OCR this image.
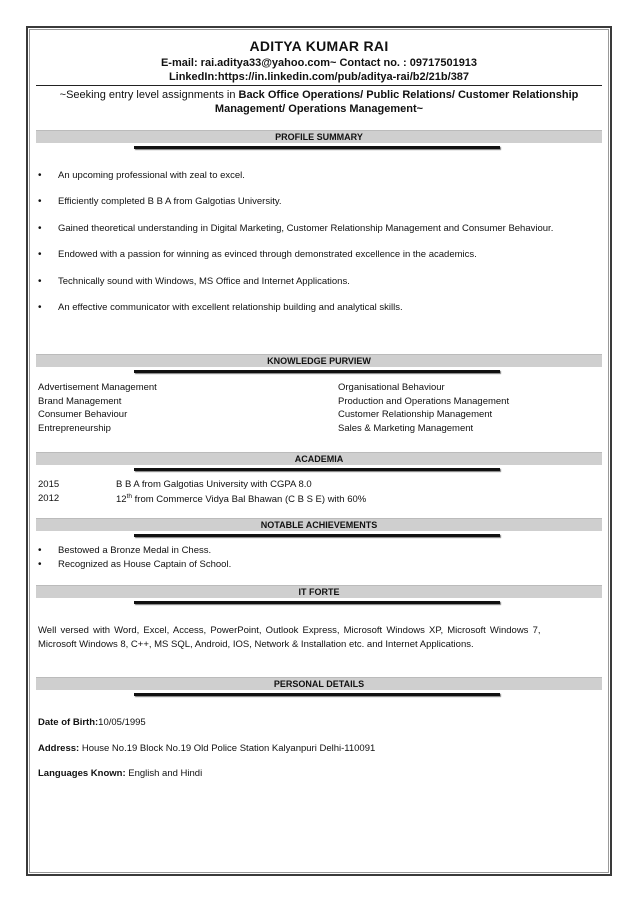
ADITYA KUMAR RAI
E-mail: rai.aditya33@yahoo.com~ Contact no. : 09717501913
LinkedIn:https://in.linkedin.com/pub/aditya-rai/b2/21b/387
~Seeking entry level assignments in Back Office Operations/ Public Relations/ Customer Relationship
Management/ Operations Management~
PROFILE SUMMARY
• An upcoming professional with zeal to excel.
• Efficiently completed B B A from Galgotias University.
• Gained theoretical understanding in Digital Marketing, Customer Relationship Management and Consumer Behaviour.
• Endowed with a passion for winning as evinced through demonstrated excellence in the academics.
• Technically sound with Windows, MS Office and Internet Applications.
• An effective communicator with excellent relationship building and analytical skills.
KNOWLEDGE PURVIEW
Advertisement Management
Brand Management
Consumer Behaviour
Entrepreneurship
Organisational Behaviour
Production and Operations Management
Customer Relationship Management
Sales & Marketing Management
ACADEMIA
2015	B B A from Galgotias University with CGPA 8.0
2012	12th from Commerce Vidya Bal Bhawan (C B S E) with 60%
NOTABLE ACHIEVEMENTS
• Bestowed a Bronze Medal in Chess.
• Recognized as House Captain of School.
IT FORTE
Well versed with Word, Excel, Access, PowerPoint, Outlook Express, Microsoft Windows XP, Microsoft Windows 7,
Microsoft Windows 8, C++, MS SQL, Android, IOS, Network & Installation etc. and Internet Applications.
PERSONAL DETAILS
Date of Birth:10/05/1995
Address: House No.19 Block No.19 Old Police Station Kalyanpuri Delhi-110091
Languages Known: English and Hindi
